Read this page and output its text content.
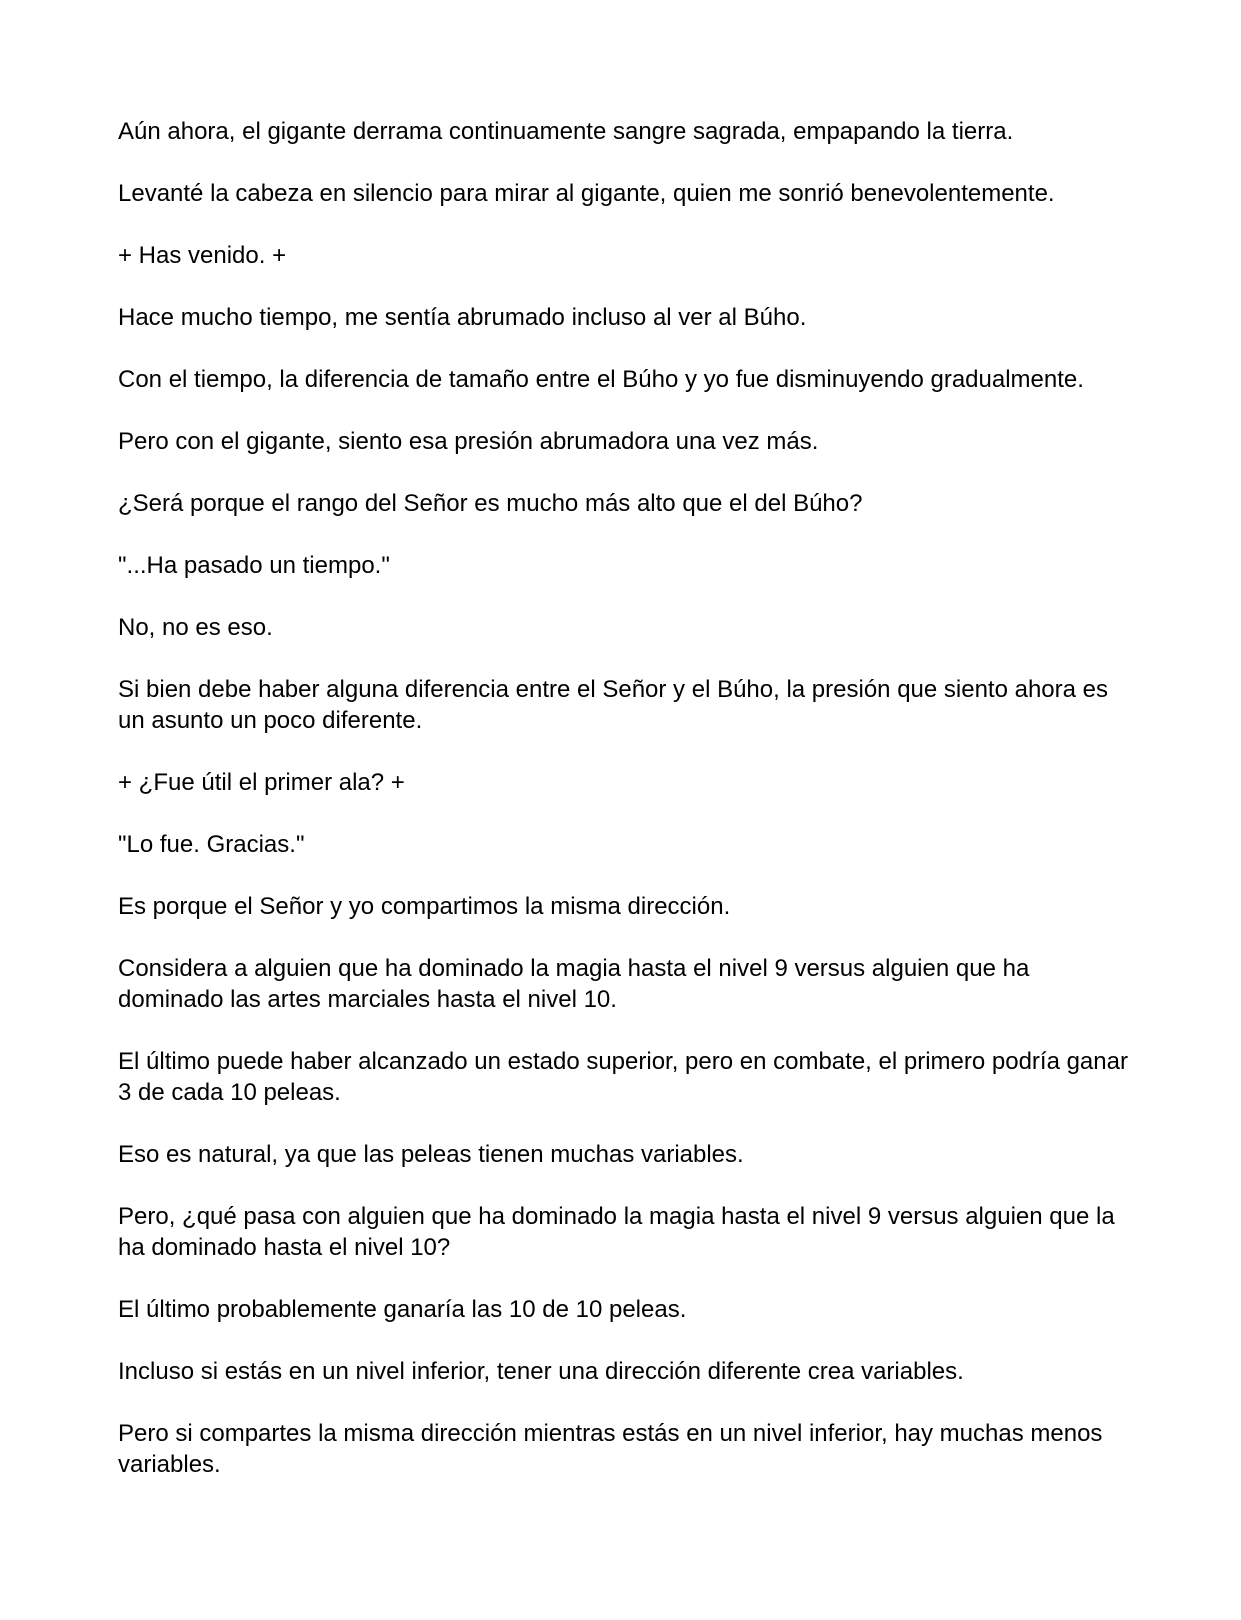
Aún ahora, el gigante derrama continuamente sangre sagrada, empapando la tierra.

Levanté la cabeza en silencio para mirar al gigante, quien me sonrió benevolentemente.

+ Has venido. +

Hace mucho tiempo, me sentía abrumado incluso al ver al Búho.

Con el tiempo, la diferencia de tamaño entre el Búho y yo fue disminuyendo gradualmente.

Pero con el gigante, siento esa presión abrumadora una vez más.

¿Será porque el rango del Señor es mucho más alto que el del Búho?

"...Ha pasado un tiempo."

No, no es eso.

Si bien debe haber alguna diferencia entre el Señor y el Búho, la presión que siento ahora es un asunto un poco diferente.

+ ¿Fue útil el primer ala? +

"Lo fue. Gracias."

Es porque el Señor y yo compartimos la misma dirección.

Considera a alguien que ha dominado la magia hasta el nivel 9 versus alguien que ha dominado las artes marciales hasta el nivel 10.

El último puede haber alcanzado un estado superior, pero en combate, el primero podría ganar 3 de cada 10 peleas.

Eso es natural, ya que las peleas tienen muchas variables.

Pero, ¿qué pasa con alguien que ha dominado la magia hasta el nivel 9 versus alguien que la ha dominado hasta el nivel 10?

El último probablemente ganaría las 10 de 10 peleas.

Incluso si estás en un nivel inferior, tener una dirección diferente crea variables.

Pero si compartes la misma dirección mientras estás en un nivel inferior, hay muchas menos variables.
